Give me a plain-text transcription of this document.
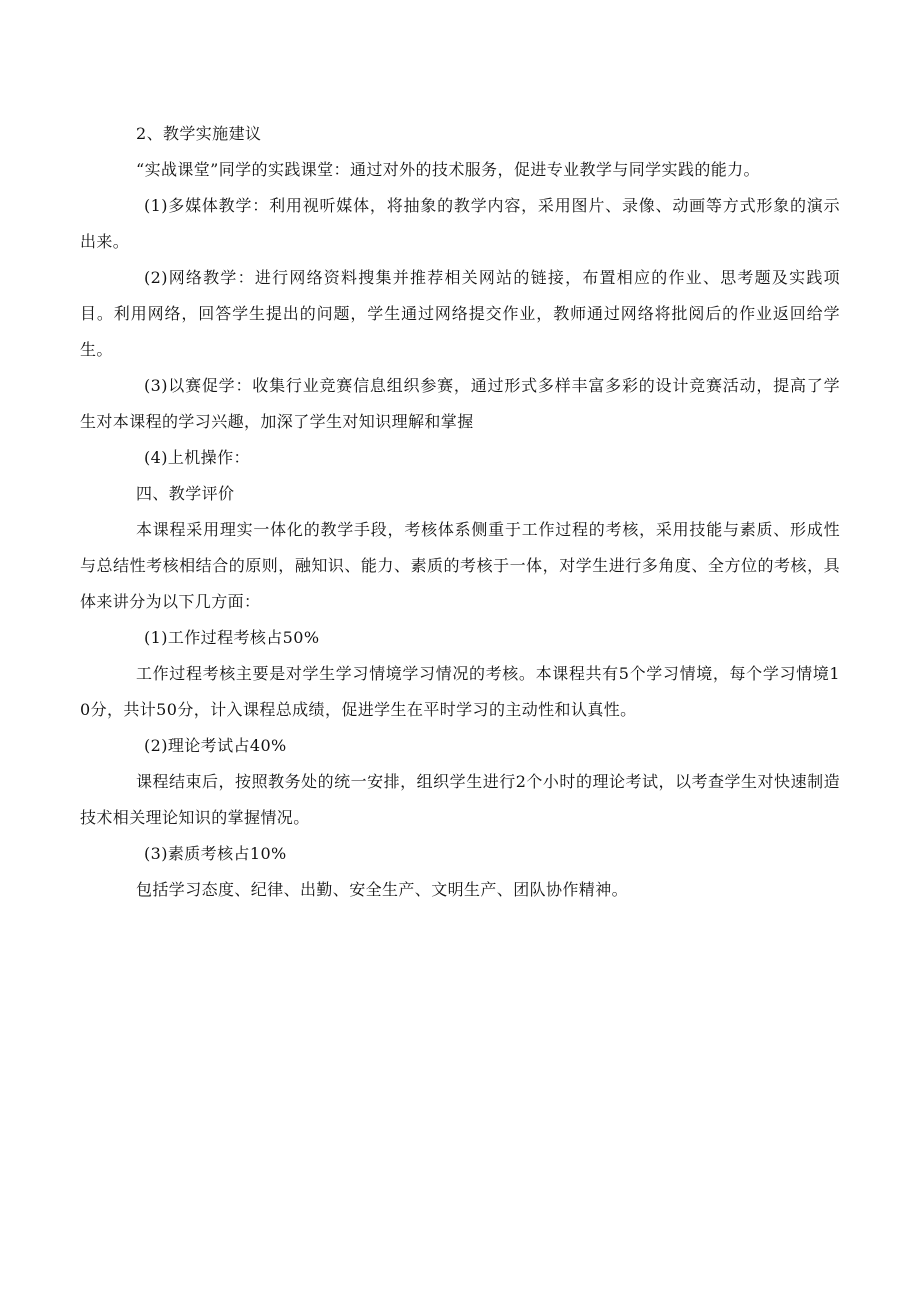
2、教学实施建议

“实战课堂”同学的实践课堂：通过对外的技术服务，促进专业教学与同学实践的能力。

(1)多媒体教学：利用视听媒体，将抽象的教学内容，采用图片、录像、动画等方式形象的演示出来。

(2)网络教学：进行网络资料搜集并推荐相关网站的链接，布置相应的作业、思考题及实践项目。利用网络，回答学生提出的问题，学生通过网络提交作业，教师通过网络将批阅后的作业返回给学生。

(3)以赛促学：收集行业竞赛信息组织参赛，通过形式多样丰富多彩的设计竞赛活动，提高了学生对本课程的学习兴趣，加深了学生对知识理解和掌握

(4)上机操作：

四、教学评价

本课程采用理实一体化的教学手段，考核体系侧重于工作过程的考核，采用技能与素质、形成性与总结性考核相结合的原则，融知识、能力、素质的考核于一体，对学生进行多角度、全方位的考核，具体来讲分为以下几方面：

(1)工作过程考核占50%

工作过程考核主要是对学生学习情境学习情况的考核。本课程共有5个学习情境，每个学习情境10分，共计50分，计入课程总成绩，促进学生在平时学习的主动性和认真性。

(2)理论考试占40%

课程结束后，按照教务处的统一安排，组织学生进行2个小时的理论考试，以考查学生对快速制造技术相关理论知识的掌握情况。

(3)素质考核占10%

包括学习态度、纪律、出勤、安全生产、文明生产、团队协作精神。
